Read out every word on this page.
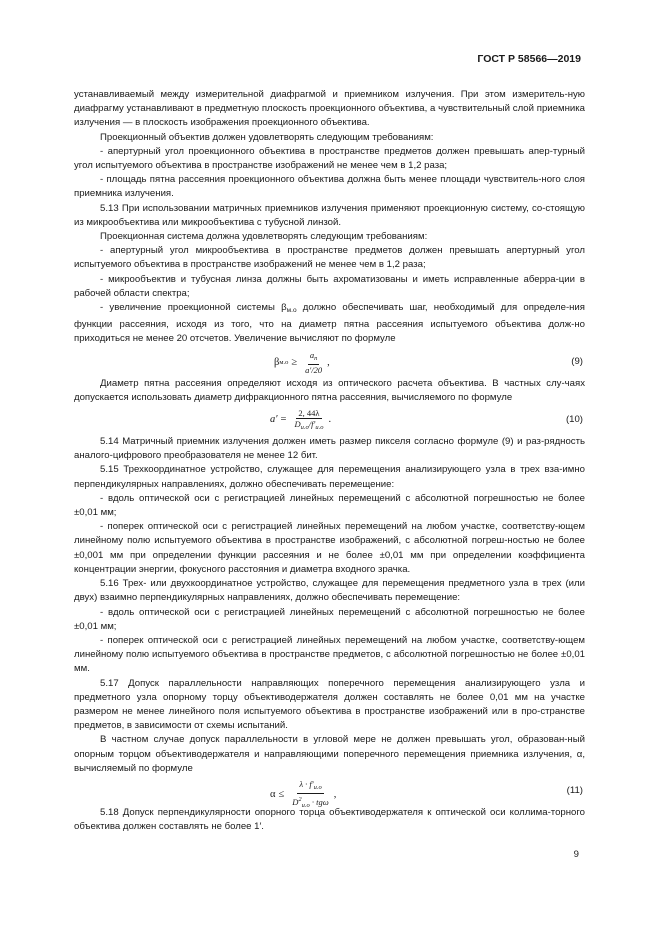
ГОСТ Р 58566—2019

устанавливаемый между измерительной диафрагмой и приемником излучения. При этом измеритель-ную диафрагму устанавливают в предметную плоскость проекционного объектива, а чувствительный слой приемника излучения — в плоскость изображения проекционного объектива.

Проекционный объектив должен удовлетворять следующим требованиям:

- апертурный угол проекционного объектива в пространстве предметов должен превышать апер-турный угол испытуемого объектива в пространстве изображений не менее чем в 1,2 раза;

- площадь пятна рассеяния проекционного объектива должна быть менее площади чувствитель-ного слоя приемника излучения.

5.13 При использовании матричных приемников излучения применяют проекционную систему, со-стоящую из микрообъектива или микрообъектива с тубусной линзой.

Проекционная система должна удовлетворять следующим требованиям:

- апертурный угол микрообъектива в пространстве предметов должен превышать апертурный угол испытуемого объектива в пространстве изображений не менее чем в 1,2 раза;

- микрообъектив и тубусная линза должны быть ахроматизованы и иметь исправленные аберра-ции в рабочей области спектра;

- увеличение проекционной системы $\beta_{м.о}$ должно обеспечивать шаг, необходимый для определе-ния функции рассеяния, исходя из того, что на диаметр пятна рассеяния испытуемого объектива долж-но приходиться не менее 20 отсчетов. Увеличение вычисляют по формуле

β $м.о \ge \frac{a_п}{a'/20}$ ,	(9)

Диаметр пятна рассеяния определяют исходя из оптического расчета объектива. В частных слу-чаях допускается использовать диаметр дифракционного пятна рассеяния, вычисляемого по формуле

$a' = \frac{2, 44\lambda}{D_{и.о}/f'_{и.о}}$ .	(10)

5.14 Матричный приемник излучения должен иметь размер пикселя согласно формуле (9) и раз-рядность аналого-цифрового преобразователя не менее 12 бит.

5.15 Трехкоординатное устройство, служащее для перемещения анализирующего узла в трех вза-имно перпендикулярных направлениях, должно обеспечивать перемещение:

- вдоль оптической оси с регистрацией линейных перемещений с абсолютной погрешностью не более ±0,01 мм;

- поперек оптической оси с регистрацией линейных перемещений на любом участке, соответству-ющем линейному полю испытуемого объектива в пространстве изображений, с абсолютной погреш-ностью не более ±0,001 мм при определении функции рассеяния и не более ±0,01 мм при определении коэффициента концентрации энергии, фокусного расстояния и диаметра входного зрачка.

5.16 Трех- или двухкоординатное устройство, служащее для перемещения предметного узла в трех (или двух) взаимно перпендикулярных направлениях, должно обеспечивать перемещение:

- вдоль оптической оси с регистрацией линейных перемещений с абсолютной погрешностью не более ±0,01 мм;

- поперек оптической оси с регистрацией линейных перемещений на любом участке, соответству-ющем линейному полю испытуемого объектива в пространстве предметов, с абсолютной погрешностью не более ±0,01 мм.

5.17 Допуск параллельности направляющих поперечного перемещения анализирующего узла и предметного узла опорному торцу объективодержателя должен составлять не более 0,01 мм на участке размером не менее линейного поля испытуемого объектива в пространстве изображений или в про-странстве предметов, в зависимости от схемы испытаний.

В частном случае допуск параллельности в угловой мере не должен превышать угол, образован-ный опорным торцом объективодержателя и направляющими поперечного перемещения приемника излучения, α, вычисляемый по формуле

$\alpha \le \frac{\lambda \cdot f'_{и.о}}{D^2_{и.о} \cdot tg\omega}$ ,	(11)

5.18 Допуск перпендикулярности опорного торца объективодержателя к оптической оси коллима-торного объектива должен составлять не более 1′.

9
